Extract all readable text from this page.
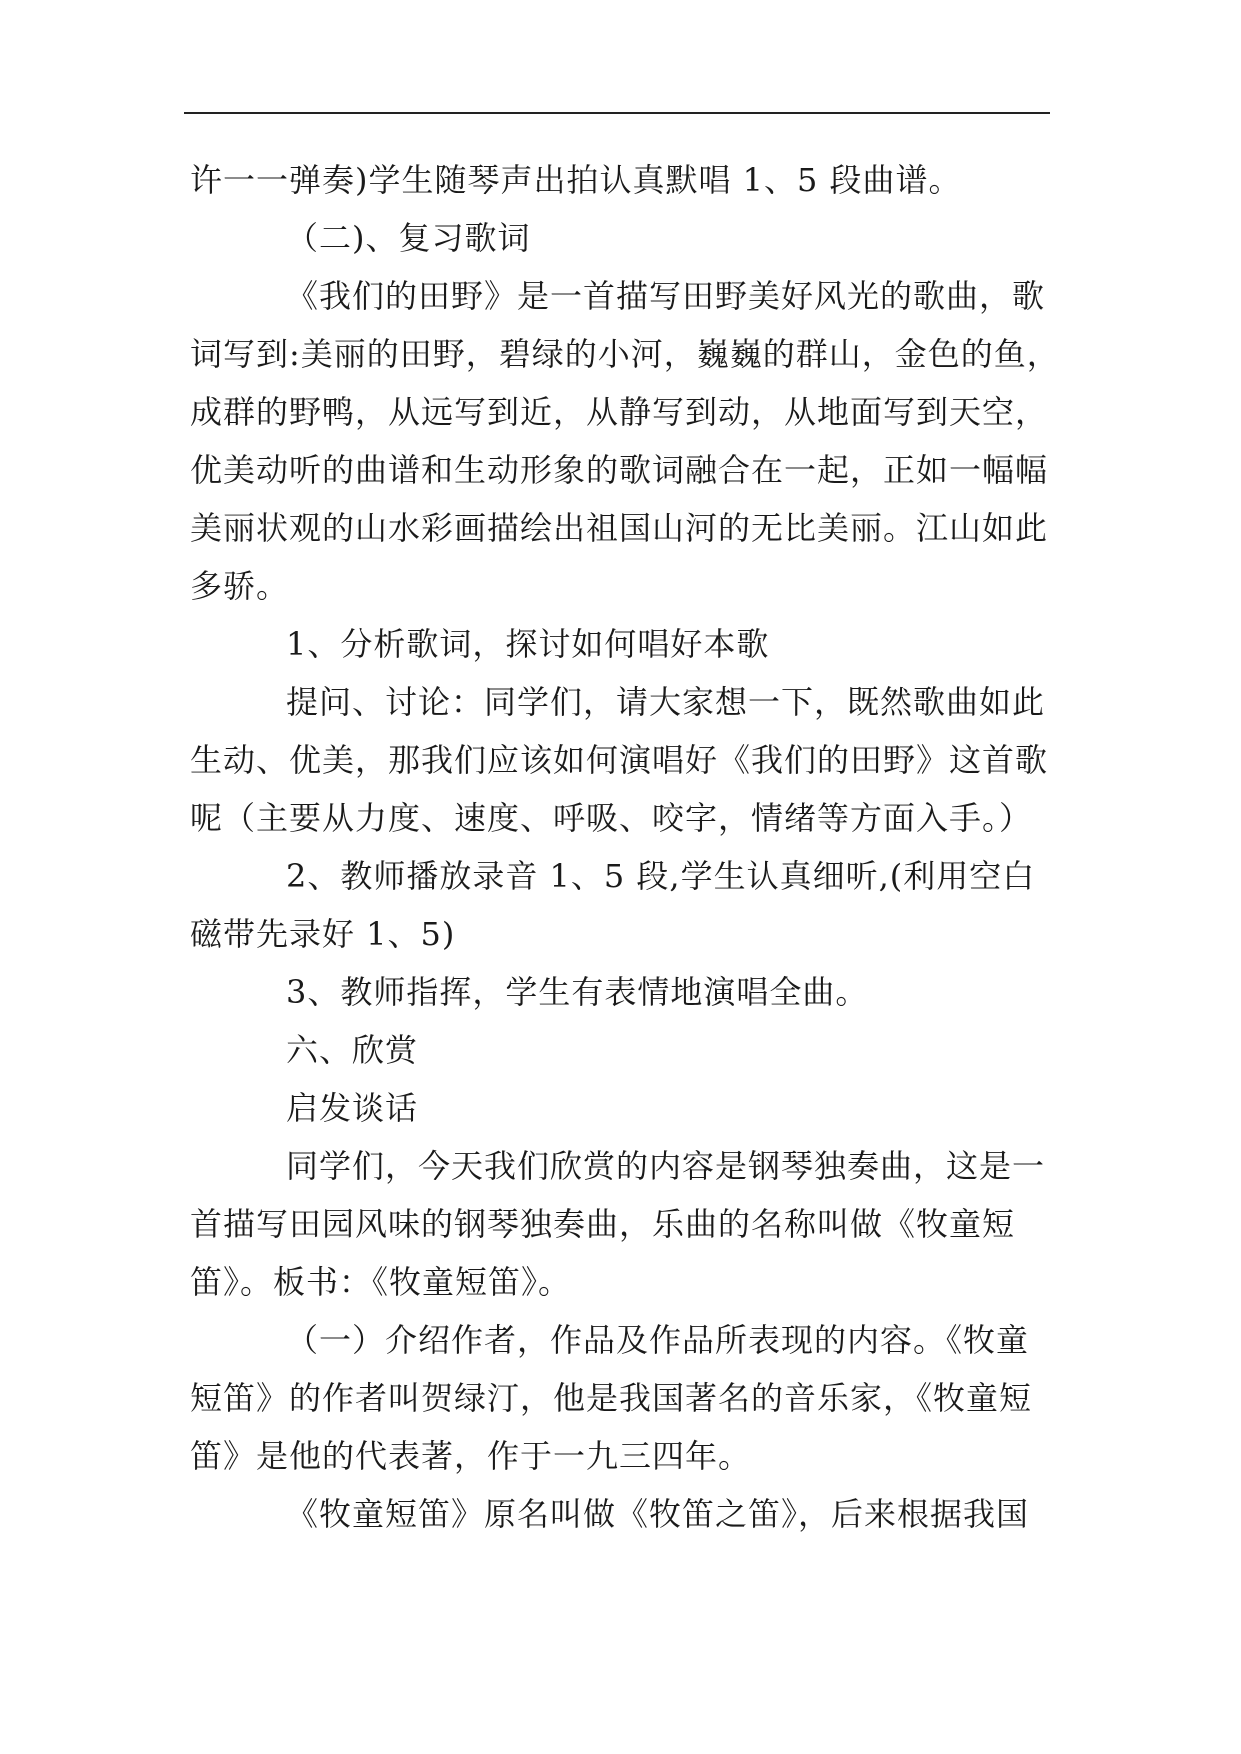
许一一弹奏)学生随琴声出拍认真默唱 1、5 段曲谱。
（二)、复习歌词
《我们的田野》是一首描写田野美好风光的歌曲，歌
词写到:美丽的田野，碧绿的小河，巍巍的群山，金色的鱼，
成群的野鸭，从远写到近，从静写到动，从地面写到天空，
优美动听的曲谱和生动形象的歌词融合在一起，正如一幅幅
美丽状观的山水彩画描绘出祖国山河的无比美丽。江山如此
多骄。
1、分析歌词，探讨如何唱好本歌
提问、讨论：同学们，请大家想一下，既然歌曲如此
生动、优美，那我们应该如何演唱好《我们的田野》这首歌
呢（主要从力度、速度、呼吸、咬字，情绪等方面入手。）
2、教师播放录音 1、5 段,学生认真细听,(利用空白
磁带先录好 1、5)
3、教师指挥，学生有表情地演唱全曲。
六、欣赏
启发谈话
同学们，今天我们欣赏的内容是钢琴独奏曲，这是一
首描写田园风味的钢琴独奏曲，乐曲的名称叫做《牧童短
笛》。板书：《牧童短笛》。
（一）介绍作者，作品及作品所表现的内容。《牧童
短笛》的作者叫贺绿汀，他是我国著名的音乐家，《牧童短
笛》是他的代表著，作于一九三四年。
《牧童短笛》原名叫做《牧笛之笛》，后来根据我国
